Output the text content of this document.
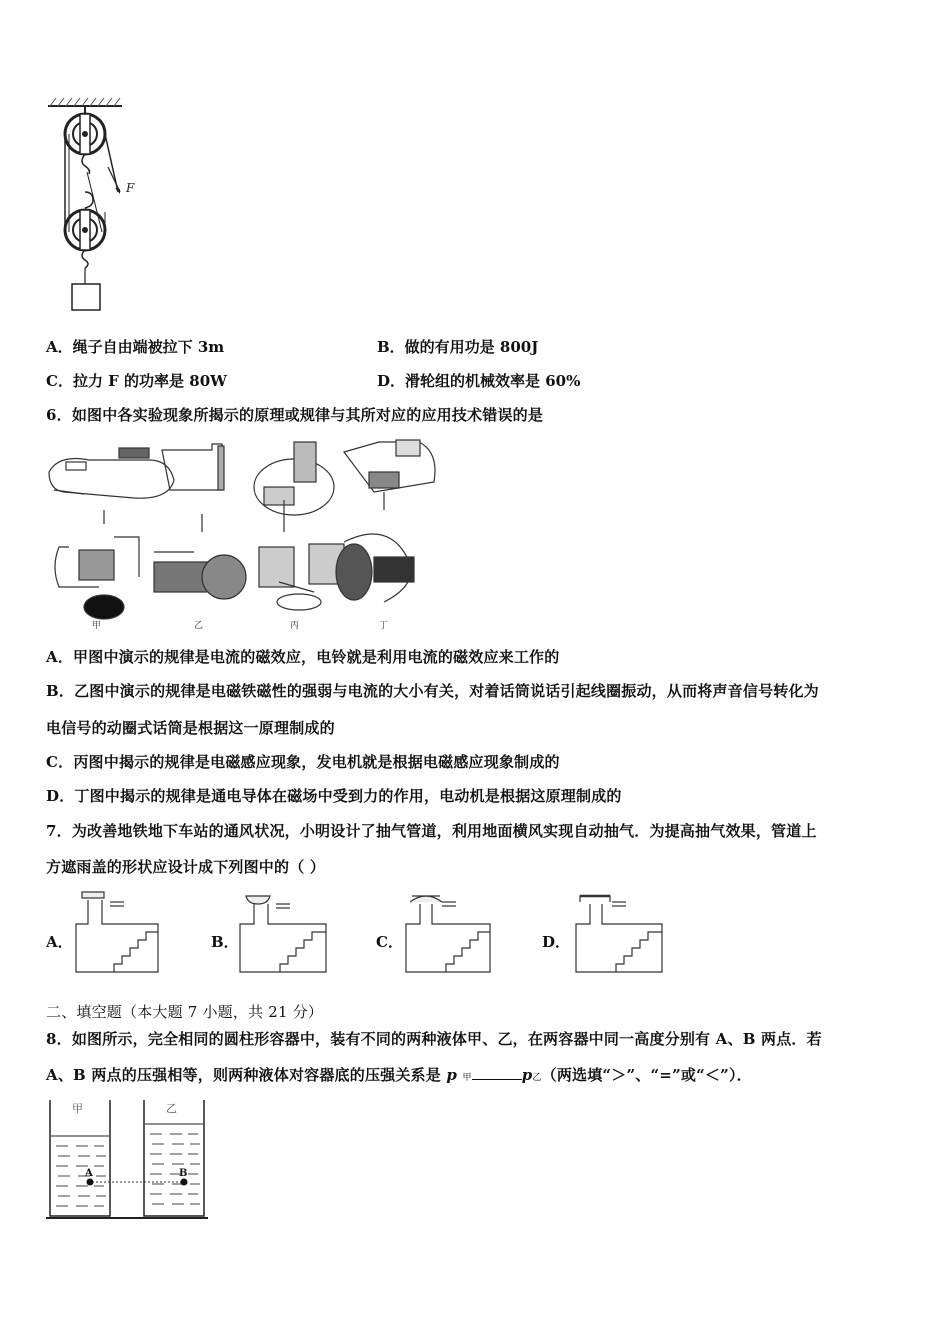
F
A．绳子自由端被拉下 3m	B．做的有用功是 800J
C．拉力 F 的功率是 80W	D．滑轮组的机械效率是 60%
6．如图中各实验现象所揭示的原理或规律与其所对应的应用技术错误的是
甲	乙	丙	丁
A．甲图中演示的规律是电流的磁效应，电铃就是利用电流的磁效应来工作的
B．乙图中演示的规律是电磁铁磁性的强弱与电流的大小有关，对着话筒说话引起线圈振动，从而将声音信号转化为
电信号的动圈式话筒是根据这一原理制成的
C．丙图中揭示的规律是电磁感应现象，发电机就是根据电磁感应现象制成的
D．丁图中揭示的规律是通电导体在磁场中受到力的作用，电动机是根据这原理制成的
7．为改善地铁地下车站的通风状况，小明设计了抽气管道，利用地面横风实现自动抽气．为提高抽气效果，管道上
方遮雨盖的形状应设计成下列图中的（ ）
A．	B．	C．	D．
二、填空题（本大题 7 小题，共 21 分）
8．如图所示，完全相同的圆柱形容器中，装有不同的两种液体甲、乙，在两容器中同一高度分别有 A、B 两点．若
A、B 两点的压强相等，则两种液体对容器底的压强关系是 p 甲	p乙（两选填“＞”、“=”或“＜”）．
A	B
甲	乙
